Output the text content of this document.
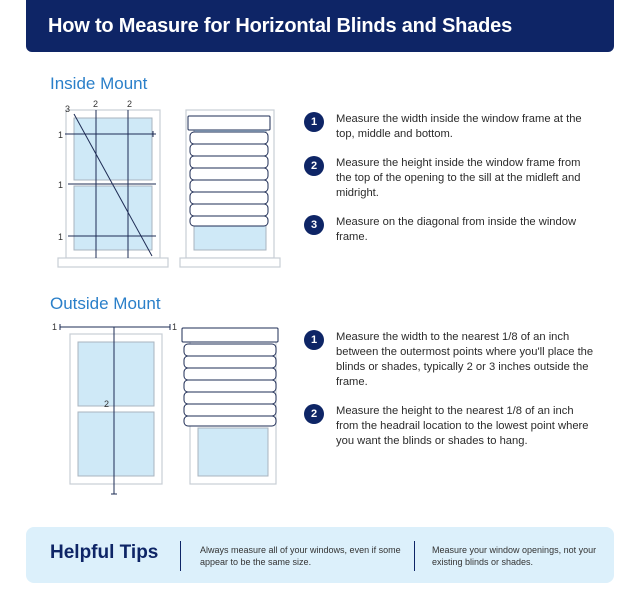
How to Measure for Horizontal Blinds and Shades
Inside Mount
3	2	2
1
1
1
1	Measure the width inside the window frame at the top, middle and bottom.
2	Measure the height inside the window frame from the top of the opening to the sill at the midleft and midright.
3	Measure on the diagonal from inside the window frame.
Outside Mount
1	1
2
1	Measure the width to the nearest 1/8 of an inch between the outermost points where you'll place the blinds or shades, typically 2 or 3 inches outside the frame.
2	Measure the height to the nearest 1/8 of an inch from the headrail location to the lowest point where you want the blinds or shades to hang.
Helpful Tips	Always measure all of your windows, even if some appear to be the same size.
Measure your window openings, not your existing blinds or shades.
